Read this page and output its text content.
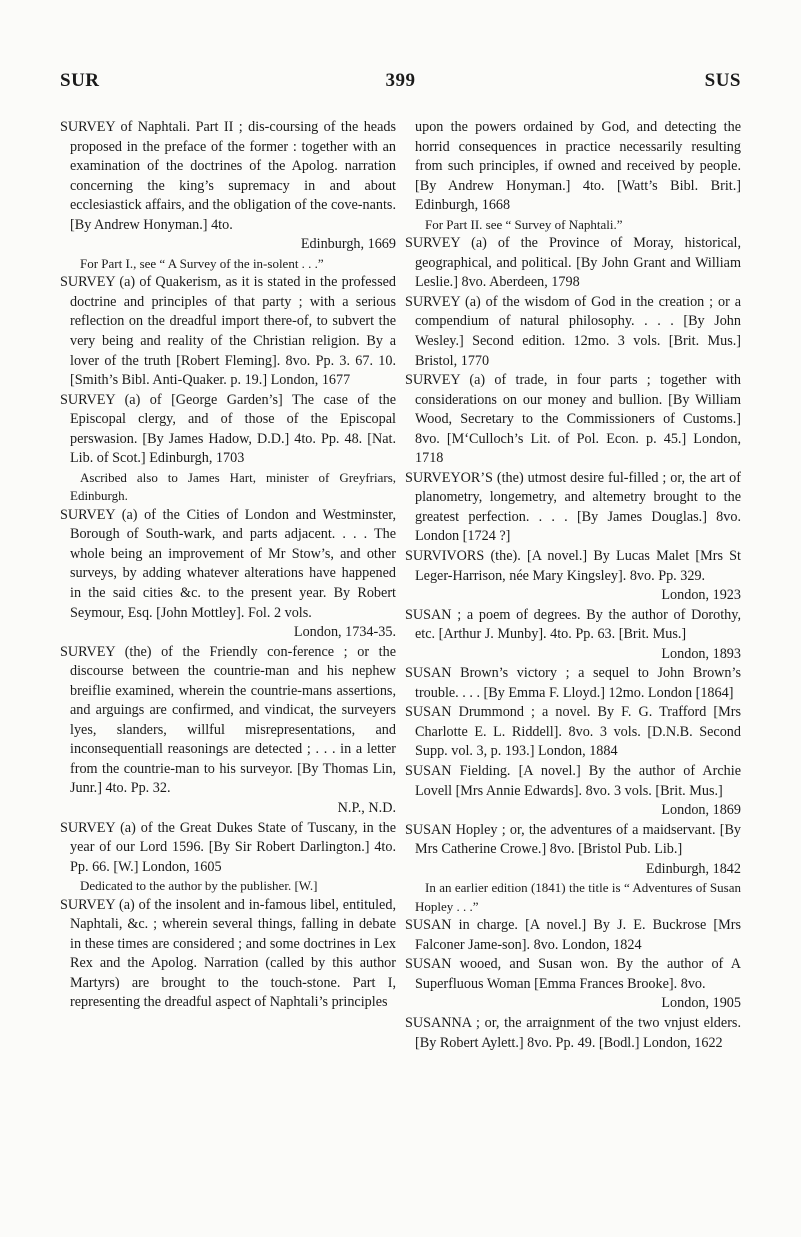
SUR	399	SUS

SURVEY of Naphtali. Part II ; dis-coursing of the heads proposed in the preface of the former : together with an examination of the doctrines of the Apolog. narration concerning the king’s supremacy in and about ecclesiastick affairs, and the obligation of the cove-nants. [By Andrew Honyman.] 4to.
Edinburgh, 1669

For Part I., see “ A Survey of the in-solent . . .”

SURVEY (a) of Quakerism, as it is stated in the professed doctrine and principles of that party ; with a serious reflection on the dreadful import there-of, to subvert the very being and reality of the Christian religion. By a lover of the truth [Robert Fleming]. 8vo. Pp. 3. 67. 10. [Smith’s Bibl. Anti-Quaker. p. 19.] London, 1677

SURVEY (a) of [George Garden’s] The case of the Episcopal clergy, and of those of the Episcopal perswasion. [By James Hadow, D.D.] 4to. Pp. 48. [Nat. Lib. of Scot.] Edinburgh, 1703

Ascribed also to James Hart, minister of Greyfriars, Edinburgh.

SURVEY (a) of the Cities of London and Westminster, Borough of South-wark, and parts adjacent. . . . The whole being an improvement of Mr Stow’s, and other surveys, by adding whatever alterations have happened in the said cities &c. to the present year. By Robert Seymour, Esq. [John Mottley]. Fol. 2 vols.
London, 1734-35.

SURVEY (the) of the Friendly con-ference ; or the discourse between the countrie-man and his nephew breiflie examined, wherein the countrie-mans assertions, and arguings are confirmed, and vindicat, the surveyers lyes, slanders, willful misrepresentations, and inconsequentiall reasonings are detected ; . . . in a letter from the countrie-man to his surveyor. [By Thomas Lin, Junr.] 4to. Pp. 32.
N.P., N.D.

SURVEY (a) of the Great Dukes State of Tuscany, in the year of our Lord 1596. [By Sir Robert Darlington.] 4to. Pp. 66. [W.] London, 1605

Dedicated to the author by the publisher. [W.]

SURVEY (a) of the insolent and in-famous libel, entituled, Naphtali, &c. ; wherein several things, falling in debate in these times are considered ; and some doctrines in Lex Rex and the Apolog. Narration (called by this author Martyrs) are brought to the touch-stone. Part I, representing the dreadful aspect of Naphtali’s principles

upon the powers ordained by God, and detecting the horrid consequences in practice necessarily resulting from such principles, if owned and received by people. [By Andrew Honyman.] 4to. [Watt’s Bibl. Brit.] Edinburgh, 1668

For Part II. see “ Survey of Naphtali.”

SURVEY (a) of the Province of Moray, historical, geographical, and political. [By John Grant and William Leslie.] 8vo. Aberdeen, 1798

SURVEY (a) of the wisdom of God in the creation ; or a compendium of natural philosophy. . . . [By John Wesley.] Second edition. 12mo. 3 vols. [Brit. Mus.] Bristol, 1770

SURVEY (a) of trade, in four parts ; together with considerations on our money and bullion. [By William Wood, Secretary to the Commissioners of Customs.] 8vo. [M‘Culloch’s Lit. of Pol. Econ. p. 45.] London, 1718

SURVEYOR’S (the) utmost desire ful-filled ; or, the art of planometry, longemetry, and altemetry brought to the greatest perfection. . . . [By James Douglas.] 8vo. London [1724 ?]

SURVIVORS (the). [A novel.] By Lucas Malet [Mrs St Leger-Harrison, née Mary Kingsley]. 8vo. Pp. 329.
London, 1923

SUSAN ; a poem of degrees. By the author of Dorothy, etc. [Arthur J. Munby]. 4to. Pp. 63. [Brit. Mus.]
London, 1893

SUSAN Brown’s victory ; a sequel to John Brown’s trouble. . . . [By Emma F. Lloyd.] 12mo. London [1864]

SUSAN Drummond ; a novel. By F. G. Trafford [Mrs Charlotte E. L. Riddell]. 8vo. 3 vols. [D.N.B. Second Supp. vol. 3, p. 193.] London, 1884

SUSAN Fielding. [A novel.] By the author of Archie Lovell [Mrs Annie Edwards]. 8vo. 3 vols. [Brit. Mus.]
London, 1869

SUSAN Hopley ; or, the adventures of a maidservant. [By Mrs Catherine Crowe.] 8vo. [Bristol Pub. Lib.]
Edinburgh, 1842

In an earlier edition (1841) the title is “ Adventures of Susan Hopley . . .”

SUSAN in charge. [A novel.] By J. E. Buckrose [Mrs Falconer Jame-son]. 8vo. London, 1824

SUSAN wooed, and Susan won. By the author of A Superfluous Woman [Emma Frances Brooke]. 8vo.
London, 1905

SUSANNA ; or, the arraignment of the two vnjust elders. [By Robert Aylett.] 8vo. Pp. 49. [Bodl.] London, 1622
